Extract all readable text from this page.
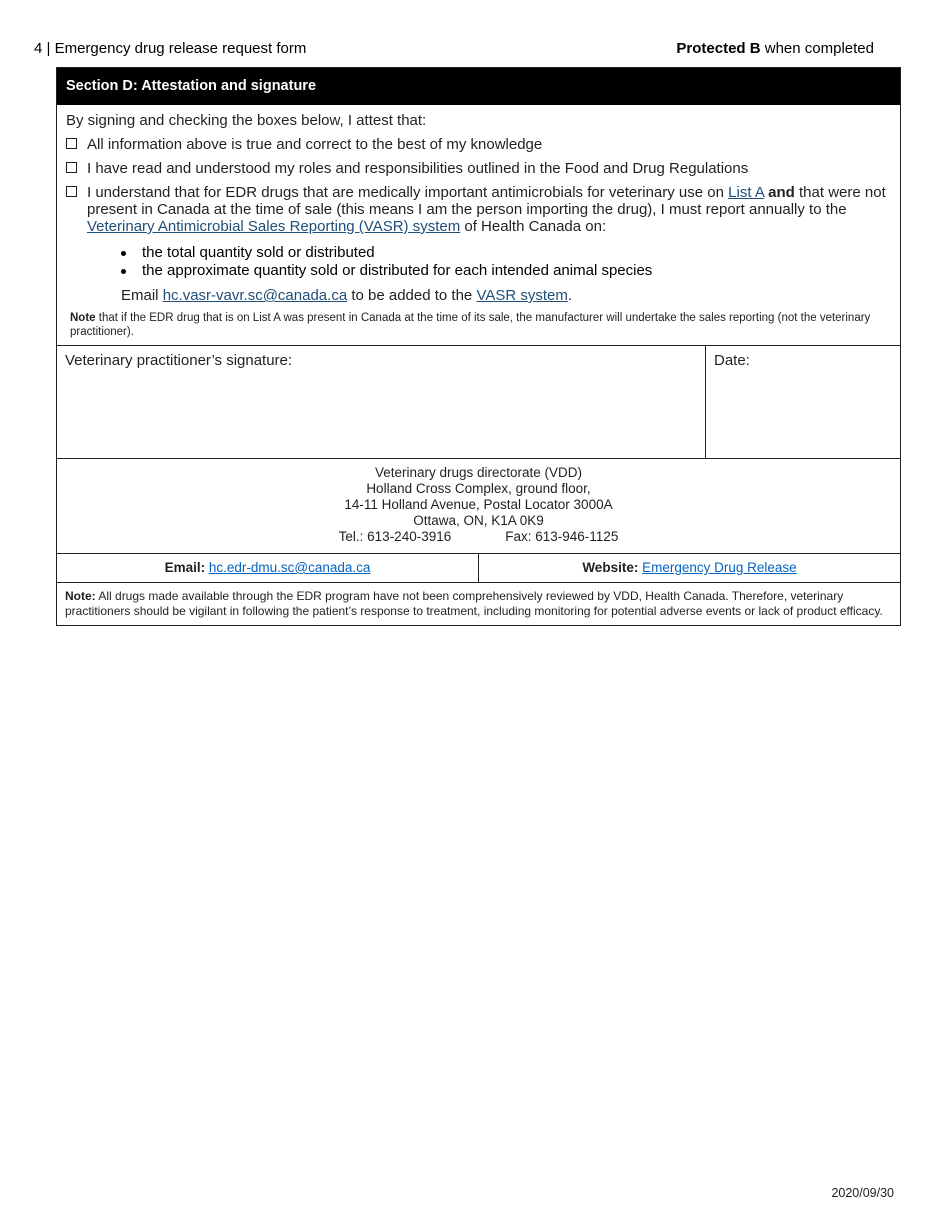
4 | Emergency drug release request form	Protected B when completed
Section D: Attestation and signature
By signing and checking the boxes below, I attest that:
All information above is true and correct to the best of my knowledge
I have read and understood my roles and responsibilities outlined in the Food and Drug Regulations
I understand that for EDR drugs that are medically important antimicrobials for veterinary use on List A and that were not present in Canada at the time of sale (this means I am the person importing the drug), I must report annually to the Veterinary Antimicrobial Sales Reporting (VASR) system of Health Canada on:
the total quantity sold or distributed
the approximate quantity sold or distributed for each intended animal species
Email hc.vasr-vavr.sc@canada.ca to be added to the VASR system.
Note that if the EDR drug that is on List A was present in Canada at the time of its sale, the manufacturer will undertake the sales reporting (not the veterinary practitioner).
Veterinary practitioner’s signature:	Date:
Veterinary drugs directorate (VDD)
Holland Cross Complex, ground floor,
14-11 Holland Avenue, Postal Locator 3000A
Ottawa, ON, K1A 0K9
Tel.: 613-240-3916	Fax: 613-946-1125
Email: hc.edr-dmu.sc@canada.ca	Website: Emergency Drug Release
Note: All drugs made available through the EDR program have not been comprehensively reviewed by VDD, Health Canada. Therefore, veterinary practitioners should be vigilant in following the patient’s response to treatment, including monitoring for potential adverse events or lack of product efficacy.
2020/09/30
